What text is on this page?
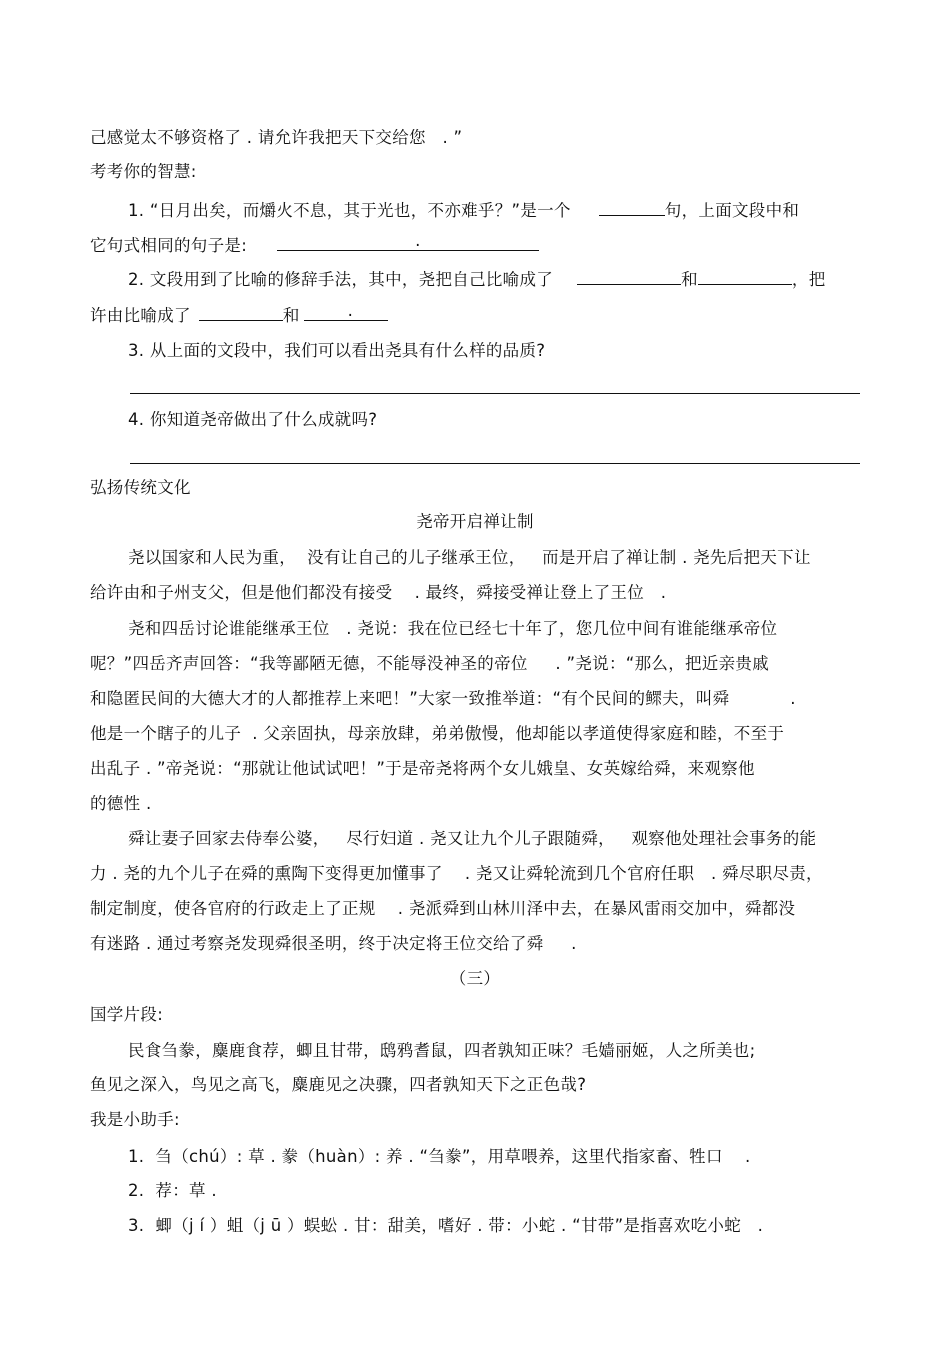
己感觉太不够资格了 . 请允许我把天下交给您   . ”
考考你的智慧:
1. “日月出矣，而爝火不息，其于光也，不亦难乎？”是一个	句，上面文段中和
它句式相同的句子是:	.
2. 文段用到了比喻的修辞手法，其中，尧把自己比喻成了	和	，把
许由比喻成了	和	.
3. 从上面的文段中，我们可以看出尧具有什么样的品质?
4. 你知道尧帝做出了什么成就吗?
弘扬传统文化
尧帝开启禅让制
尧以国家和人民为重，  没有让自己的儿子继承王位，   而是开启了禅让制 . 尧先后把天下让
给许由和子州支父，但是他们都没有接受    . 最终，舜接受禅让登上了王位   .
尧和四岳讨论谁能继承王位   . 尧说：我在位已经七十年了，您几位中间有谁能继承帝位
呢？”四岳齐声回答：“我等鄙陋无德，不能辱没神圣的帝位     . ”尧说：“那么，把近亲贵戚
和隐匿民间的大德大才的人都推荐上来吧！”大家一致推举道：“有个民间的鳏夫，叫舜           .
他是一个瞎子的儿子  . 父亲固执，母亲放肆，弟弟傲慢，他却能以孝道使得家庭和睦，不至于
出乱子 . ”帝尧说：“那就让他试试吧！”于是帝尧将两个女儿娥皇、女英嫁给舜，来观察他
的德性 .
舜让妻子回家去侍奉公婆，   尽行妇道 . 尧又让九个儿子跟随舜，   观察他处理社会事务的能
力 . 尧的九个儿子在舜的熏陶下变得更加懂事了    . 尧又让舜轮流到几个官府任职   . 舜尽职尽责，
制定制度，使各官府的行政走上了正规    . 尧派舜到山林川泽中去，在暴风雷雨交加中，舜都没
有迷路 . 通过考察尧发现舜很圣明，终于决定将王位交给了舜     .
（三）
国学片段:
民食刍豢，麋鹿食荐，蝍且甘带，鸱鸦耆鼠，四者孰知正味？毛嫱丽姬，人之所美也;
鱼见之深入，鸟见之高飞，麋鹿见之决骤，四者孰知天下之正色哉?
我是小助手:
1.  刍（chú）: 草 . 豢（huàn）: 养 . “刍豢”，用草喂养，这里代指家畜、牲口    .
2.  荐：草 .
3.  蝍（j í ）蛆（j ū ）蜈蚣 . 甘：甜美，嗜好 . 带：小蛇 . “甘带”是指喜欢吃小蛇   .
